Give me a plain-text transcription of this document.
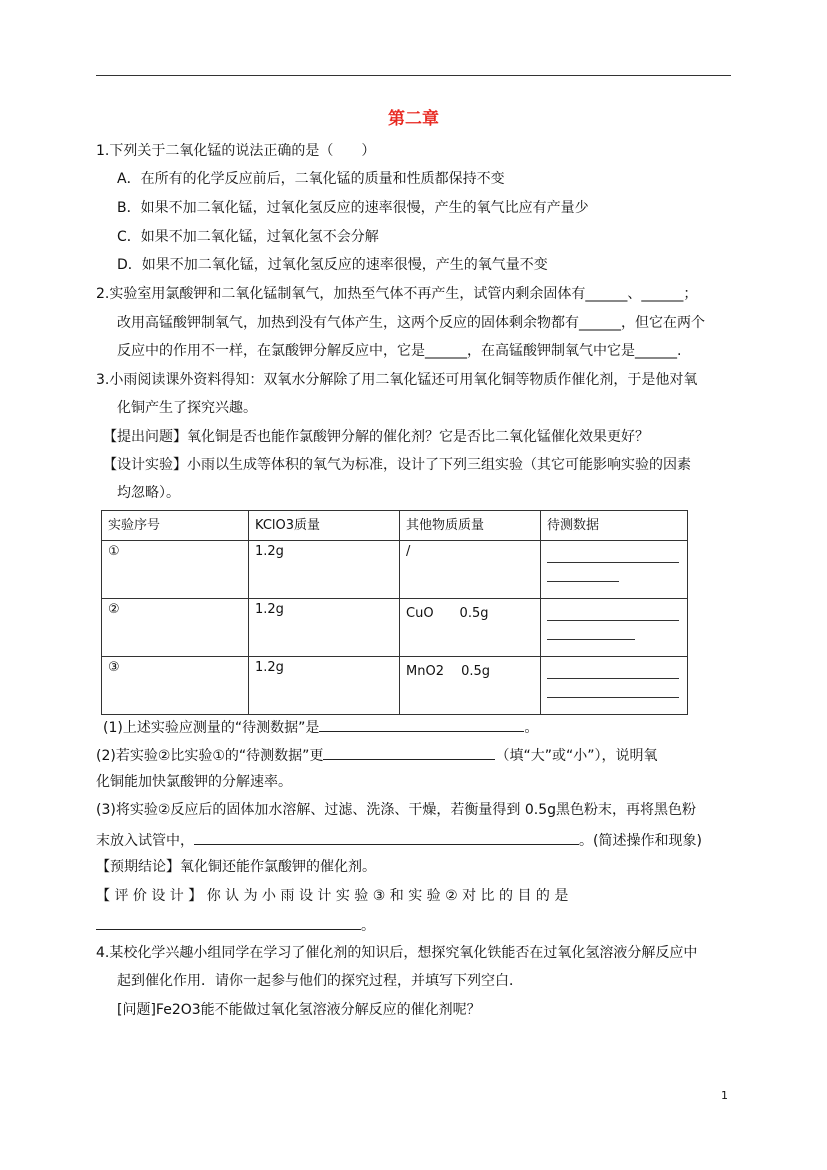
第二章
1.下列关于二氧化锰的说法正确的是（　　）
A．在所有的化学反应前后，二氧化锰的质量和性质都保持不变
B．如果不加二氧化锰，过氧化氢反应的速率很慢，产生的氧气比应有产量少
C．如果不加二氧化锰，过氧化氢不会分解
D．如果不加二氧化锰，过氧化氢反应的速率很慢，产生的氧气量不变
2.实验室用氯酸钾和二氧化锰制氧气，加热至气体不再产生，试管内剩余固体有______、______；
改用高锰酸钾制氧气，加热到没有气体产生，这两个反应的固体剩余物都有______，但它在两个
反应中的作用不一样，在氯酸钾分解反应中，它是______，在高锰酸钾制氧气中它是______.
3.小雨阅读课外资料得知：双氧水分解除了用二氧化锰还可用氧化铜等物质作催化剂，于是他对氧
化铜产生了探究兴趣。
【提出问题】氧化铜是否也能作氯酸钾分解的催化剂？它是否比二氧化锰催化效果更好？
【设计实验】小雨以生成等体积的氧气为标准，设计了下列三组实验（其它可能影响实验的因素
均忽略）。
实验序号	KClO3质量	其他物质质量	待测数据
①	1.2g	/	

②	1.2g	CuO　　0.5g	

③	1.2g	MnO2　 0.5g	
(1)上述实验应测量的“待测数据”是	。
(2)若实验②比实验①的“待测数据”更	（填“大”或“小”），说明氧
化铜能加快氯酸钾的分解速率。
(3)将实验②反应后的固体加水溶解、过滤、洗涤、干燥，若衡量得到 0.5g黑色粉末，再将黑色粉
末放入试管中，	。(简述操作和现象)
【预期结论】氧化铜还能作氯酸钾的催化剂。
【 评 价 设 计 】 你 认 为 小 雨 设 计 实 验 ③ 和 实 验 ② 对 比 的 目 的 是
。
4.某校化学兴趣小组同学在学习了催化剂的知识后，想探究氧化铁能否在过氧化氢溶液分解反应中
起到催化作用．请你一起参与他们的探究过程，并填写下列空白．
[问题]Fe2O3能不能做过氧化氢溶液分解反应的催化剂呢？
1
